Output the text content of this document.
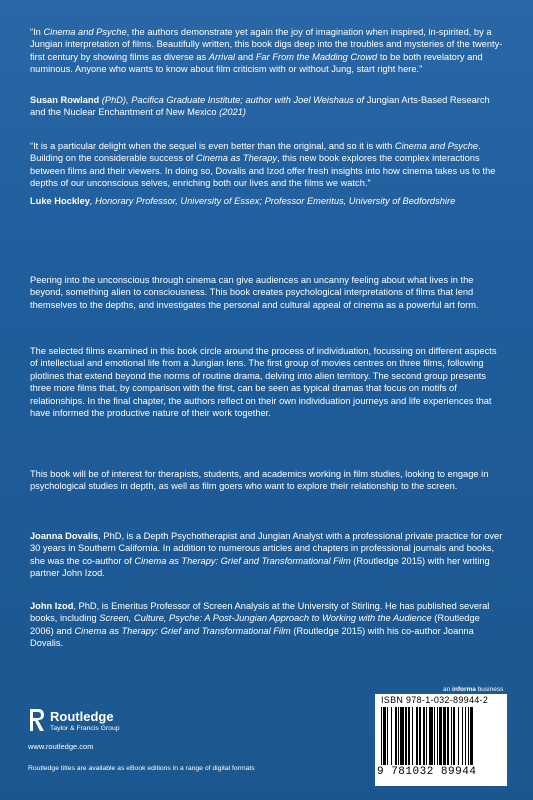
“In Cinema and Psyche, the authors demonstrate yet again the joy of imagination when inspired, in-spirited, by a Jungian interpretation of films. Beautifully written, this book digs deep into the troubles and mysteries of the twenty-first century by showing films as diverse as Arrival and Far From the Madding Crowd to be both revelatory and numinous. Anyone who wants to know about film criticism with or without Jung, start right here.”

Susan Rowland (PhD), Pacifica Graduate Institute; author with Joel Weishaus of Jungian Arts-Based Research and the Nuclear Enchantment of New Mexico (2021)

“It is a particular delight when the sequel is even better than the original, and so it is with Cinema and Psyche. Building on the considerable success of Cinema as Therapy, this new book explores the complex interactions between films and their viewers. In doing so, Dovalis and Izod offer fresh insights into how cinema takes us to the depths of our unconscious selves, enriching both our lives and the films we watch.”

Luke Hockley, Honorary Professor, University of Essex; Professor Emeritus, University of Bedfordshire

Peering into the unconscious through cinema can give audiences an uncanny feeling about what lives in the beyond, something alien to consciousness. This book creates psychological interpretations of films that lend themselves to the depths, and investigates the personal and cultural appeal of cinema as a powerful art form.

The selected films examined in this book circle around the process of individuation, focussing on different aspects of intellectual and emotional life from a Jungian lens. The first group of movies centres on three films, following plotlines that extend beyond the norms of routine drama, delving into alien territory. The second group presents three more films that, by comparison with the first, can be seen as typical dramas that focus on motifs of relationships. In the final chapter, the authors reflect on their own individuation journeys and life experiences that have informed the productive nature of their work together.

This book will be of interest for therapists, students, and academics working in film studies, looking to engage in psychological studies in depth, as well as film goers who want to explore their relationship to the screen.

Joanna Dovalis, PhD, is a Depth Psychotherapist and Jungian Analyst with a professional private practice for over 30 years in Southern California. In addition to numerous articles and chapters in professional journals and books, she was the co-author of Cinema as Therapy: Grief and Transformational Film (Routledge 2015) with her writing partner John Izod.

John Izod, PhD, is Emeritus Professor of Screen Analysis at the University of Stirling. He has published several books, including Screen, Culture, Psyche: A Post-Jungian Approach to Working with the Audience (Routledge 2006) and Cinema as Therapy: Grief and Transformational Film (Routledge 2015) with his co-author Joanna Dovalis.

Routledge
Taylor & Francis Group
www.routledge.com
Routledge titles are available as eBook editions in a range of digital formats
an informa business
ISBN 978-1-032-89944-2
9 781032 89944
